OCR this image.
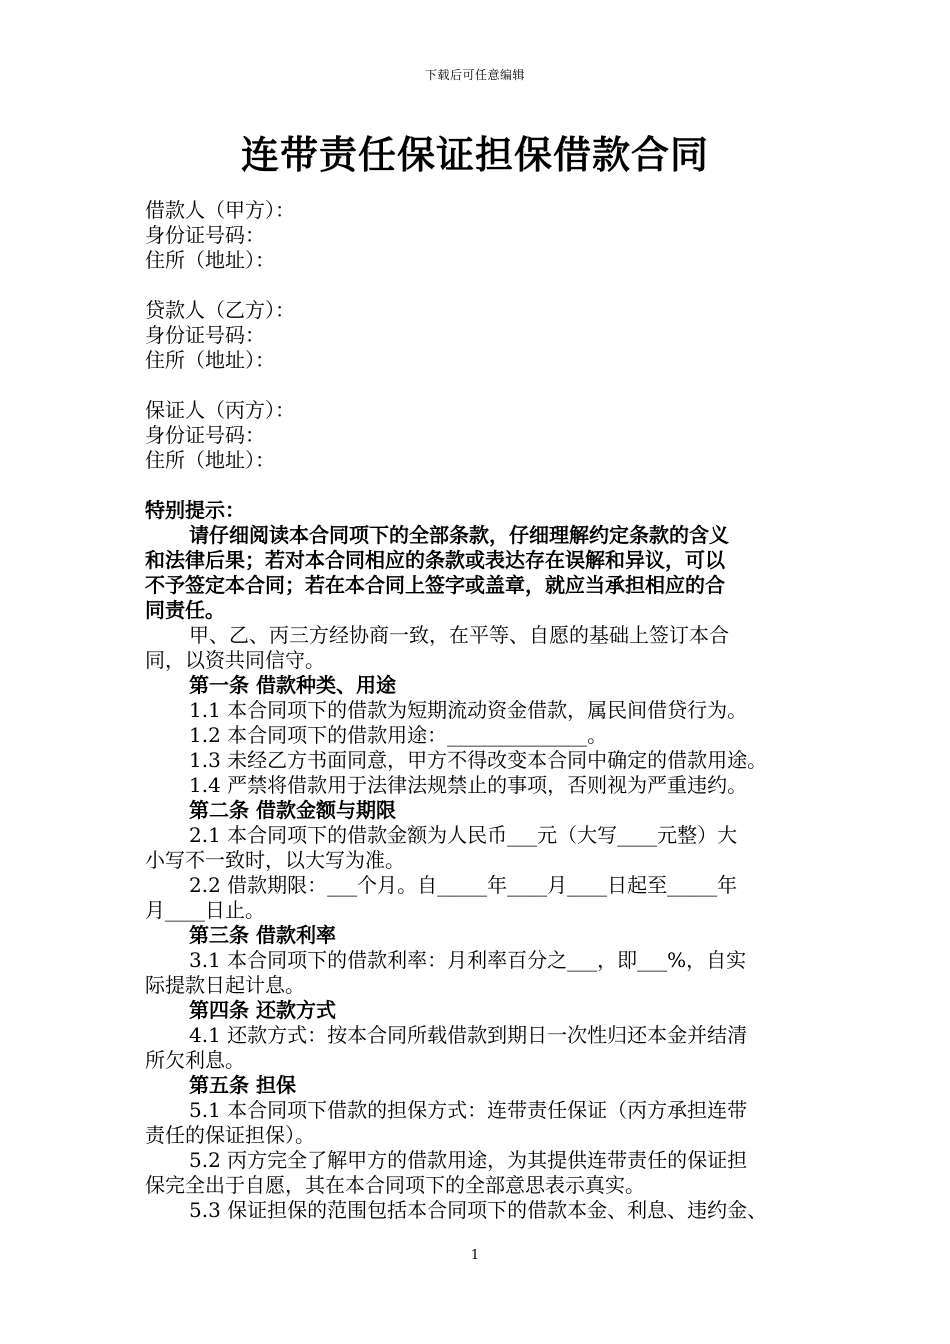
下载后可任意编辑
连带责任保证担保借款合同
借款人（甲方）：
身份证号码：
住所（地址）：
贷款人（乙方）：
身份证号码：
住所（地址）：
保证人（丙方）：
身份证号码：
住所（地址）：
特别提示：
请仔细阅读本合同项下的全部条款，仔细理解约定条款的含义
和法律后果；若对本合同相应的条款或表达存在误解和异议，可以
不予签定本合同；若在本合同上签字或盖章，就应当承担相应的合
同责任。
甲、乙、丙三方经协商一致，在平等、自愿的基础上签订本合
同，以资共同信守。
第一条 借款种类、用途
1.1 本合同项下的借款为短期流动资金借款，属民间借贷行为。
1.2 本合同项下的借款用途：______________。
1.3 未经乙方书面同意，甲方不得改变本合同中确定的借款用途。
1.4 严禁将借款用于法律法规禁止的事项，否则视为严重违约。
第二条 借款金额与期限
2.1 本合同项下的借款金额为人民币___元（大写____元整）大
小写不一致时，以大写为准。
2.2 借款期限：___个月。自_____年____月____日起至_____年
月____日止。
第三条 借款利率
3.1 本合同项下的借款利率：月利率百分之___，即___%，自实
际提款日起计息。
第四条 还款方式
4.1 还款方式：按本合同所载借款到期日一次性归还本金并结清
所欠利息。
第五条 担保
5.1 本合同项下借款的担保方式：连带责任保证（丙方承担连带
责任的保证担保）。
5.2 丙方完全了解甲方的借款用途，为其提供连带责任的保证担
保完全出于自愿，其在本合同项下的全部意思表示真实。
5.3 保证担保的范围包括本合同项下的借款本金、利息、违约金、
1
